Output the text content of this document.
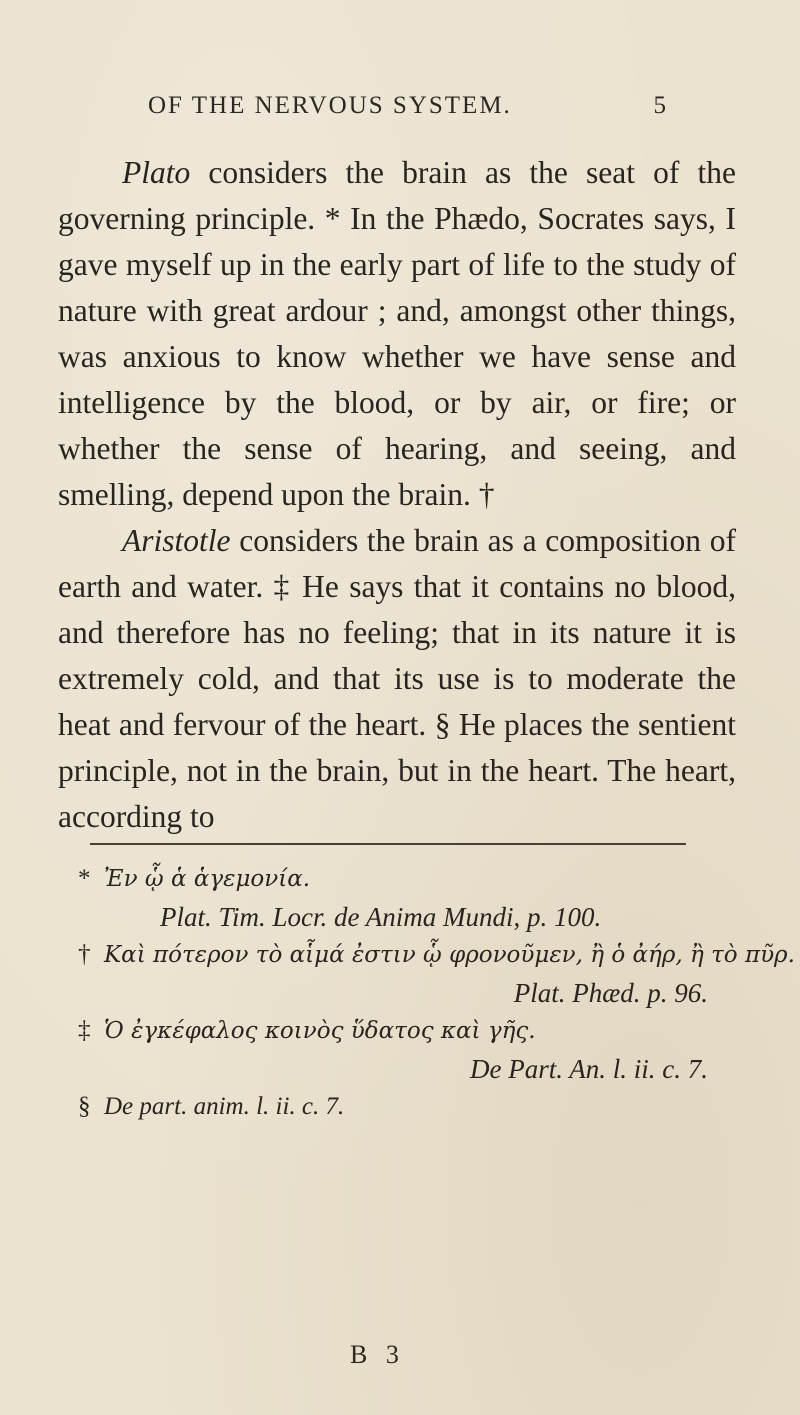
OF THE NERVOUS SYSTEM.	5

Plato considers the brain as the seat of the governing principle. * In the Phædo, Socrates says, I gave myself up in the early part of life to the study of nature with great ardour ; and, amongst other things, was anxious to know whether we have sense and intelligence by the blood, or by air, or fire; or whether the sense of hearing, and seeing, and smelling, depend upon the brain. †

Aristotle considers the brain as a composition of earth and water. ‡ He says that it contains no blood, and therefore has no feeling; that in its nature it is extremely cold, and that its use is to moderate the heat and fervour of the heart. § He places the sentient principle, not in the brain, but in the heart. The heart, according to

* Ἐν ᾧ ἁ ἁγεμονία.
Plat. Tim. Locr. de Anima Mundi, p. 100.
† Καὶ πότερον τὸ αἷμά ἐστιν ᾧ φρονοῦμεν, ἢ ὁ ἀήρ, ἢ τὸ πῦρ.
Plat. Phæd. p. 96.
‡ Ὁ ἐγκέφαλος κοινὸς ὕδατος καὶ γῆς.
De Part. An. l. ii. c. 7.
§ De part. anim. l. ii. c. 7.
B 3
